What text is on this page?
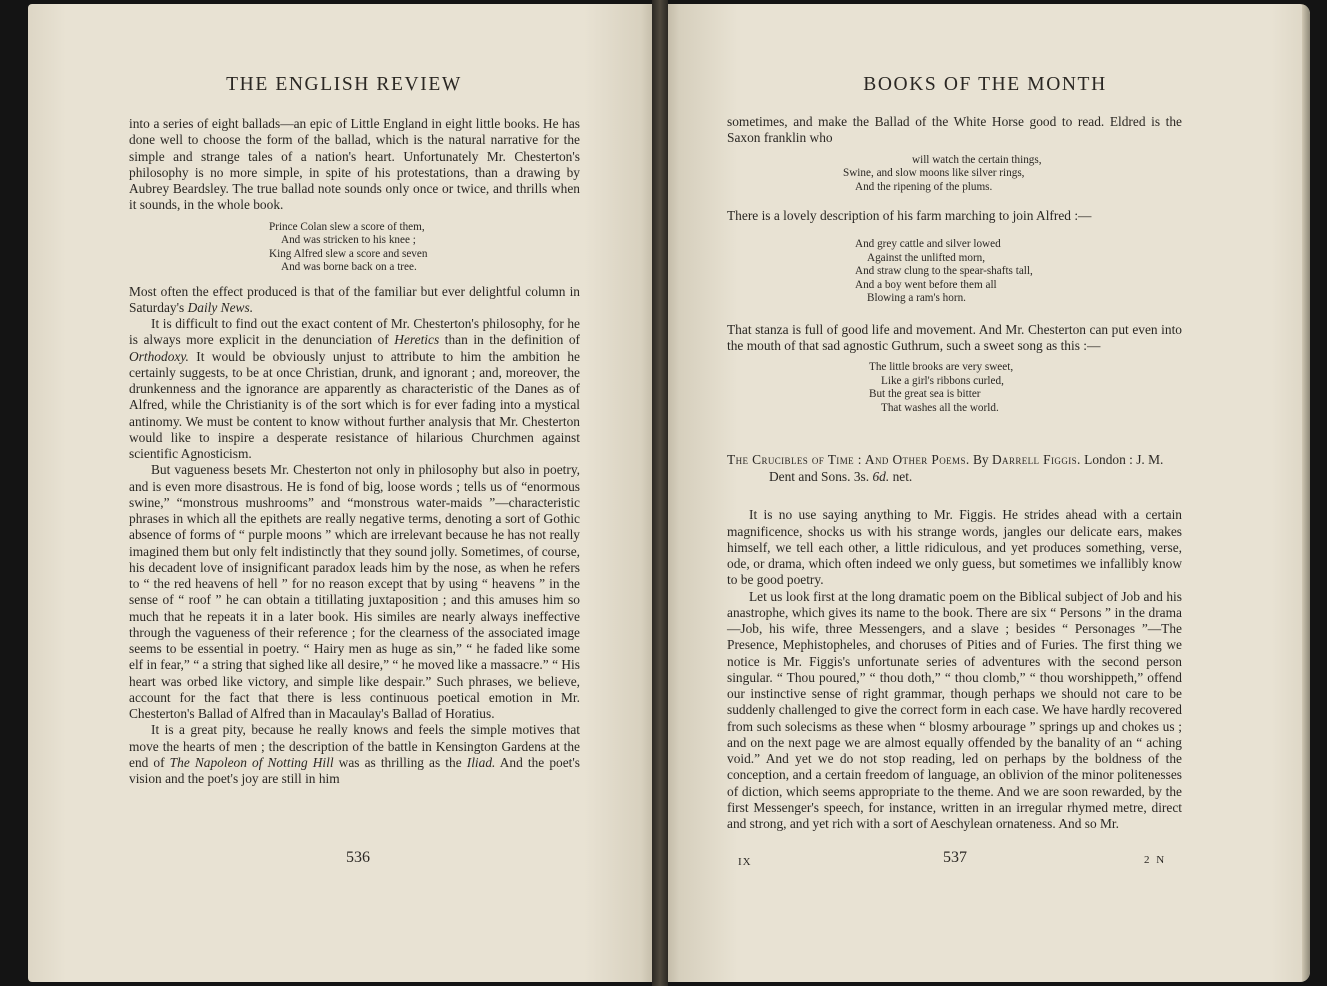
THE ENGLISH REVIEW

into a series of eight ballads—an epic of Little England in eight little books. He has done well to choose the form of the ballad, which is the natural narrative for the simple and strange tales of a nation's heart. Unfortunately Mr. Chesterton's philosophy is no more simple, in spite of his protestations, than a drawing by Aubrey Beardsley. The true ballad note sounds only once or twice, and thrills when it sounds, in the whole book.

Prince Colan slew a score of them,
And was stricken to his knee ;
King Alfred slew a score and seven
And was borne back on a tree.

Most often the effect produced is that of the familiar but ever delightful column in Saturday's Daily News.

It is difficult to find out the exact content of Mr. Chesterton's philosophy, for he is always more explicit in the denunciation of Heretics than in the definition of Orthodoxy. It would be obviously unjust to attribute to him the ambition he certainly suggests, to be at once Christian, drunk, and ignorant ; and, moreover, the drunkenness and the ignorance are apparently as characteristic of the Danes as of Alfred, while the Christianity is of the sort which is for ever fading into a mystical antinomy. We must be content to know without further analysis that Mr. Chesterton would like to inspire a desperate resistance of hilarious Churchmen against scientific Agnosticism.

But vagueness besets Mr. Chesterton not only in philosophy but also in poetry, and is even more disastrous. He is fond of big, loose words ; tells us of “enormous swine,” “monstrous mushrooms” and “monstrous water-maids ”—characteristic phrases in which all the epithets are really negative terms, denoting a sort of Gothic absence of forms of “ purple moons ” which are irrelevant because he has not really imagined them but only felt indistinctly that they sound jolly. Sometimes, of course, his decadent love of insignificant paradox leads him by the nose, as when he refers to “ the red heavens of hell ” for no reason except that by using “ heavens ” in the sense of “ roof ” he can obtain a titillating juxtaposition ; and this amuses him so much that he repeats it in a later book. His similes are nearly always ineffective through the vagueness of their reference ; for the clearness of the associated image seems to be essential in poetry. “ Hairy men as huge as sin,” “ he faded like some elf in fear,” “ a string that sighed like all desire,” “ he moved like a massacre.” “ His heart was orbed like victory, and simple like despair.” Such phrases, we believe, account for the fact that there is less continuous poetical emotion in Mr. Chesterton's Ballad of Alfred than in Macaulay's Ballad of Horatius.

It is a great pity, because he really knows and feels the simple motives that move the hearts of men ; the description of the battle in Kensington Gardens at the end of The Napoleon of Notting Hill was as thrilling as the Iliad. And the poet's vision and the poet's joy are still in him

536
BOOKS OF THE MONTH

sometimes, and make the Ballad of the White Horse good to read. Eldred is the Saxon franklin who

will watch the certain things,
Swine, and slow moons like silver rings,
And the ripening of the plums.

There is a lovely description of his farm marching to join Alfred :—

And grey cattle and silver lowed
Against the unlifted morn,
And straw clung to the spear-shafts tall,
And a boy went before them all
Blowing a ram's horn.

That stanza is full of good life and movement. And Mr. Chesterton can put even into the mouth of that sad agnostic Guthrum, such a sweet song as this :—

The little brooks are very sweet,
Like a girl's ribbons curled,
But the great sea is bitter
That washes all the world.
The Crucibles of Time : And Other Poems. By Darrell Figgis. London : J. M. Dent and Sons. 3s. 6d. net.

It is no use saying anything to Mr. Figgis. He strides ahead with a certain magnificence, shocks us with his strange words, jangles our delicate ears, makes himself, we tell each other, a little ridiculous, and yet produces something, verse, ode, or drama, which often indeed we only guess, but sometimes we infallibly know to be good poetry.

Let us look first at the long dramatic poem on the Biblical subject of Job and his anastrophe, which gives its name to the book. There are six “ Persons ” in the drama—Job, his wife, three Messengers, and a slave ; besides “ Personages ”—The Presence, Mephistopheles, and choruses of Pities and of Furies. The first thing we notice is Mr. Figgis's unfortunate series of adventures with the second person singular. “ Thou poured,” “ thou doth,” “ thou clomb,” “ thou worshippeth,” offend our instinctive sense of right grammar, though perhaps we should not care to be suddenly challenged to give the correct form in each case. We have hardly recovered from such solecisms as these when “ blosmy arbourage ” springs up and chokes us ; and on the next page we are almost equally offended by the banality of an “ aching void.” And yet we do not stop reading, led on perhaps by the boldness of the conception, and a certain freedom of language, an oblivion of the minor politenesses of diction, which seems appropriate to the theme. And we are soon rewarded, by the first Messenger's speech, for instance, written in an irregular rhymed metre, direct and strong, and yet rich with a sort of Aeschylean ornateness. And so Mr.

IX	537	2 N
